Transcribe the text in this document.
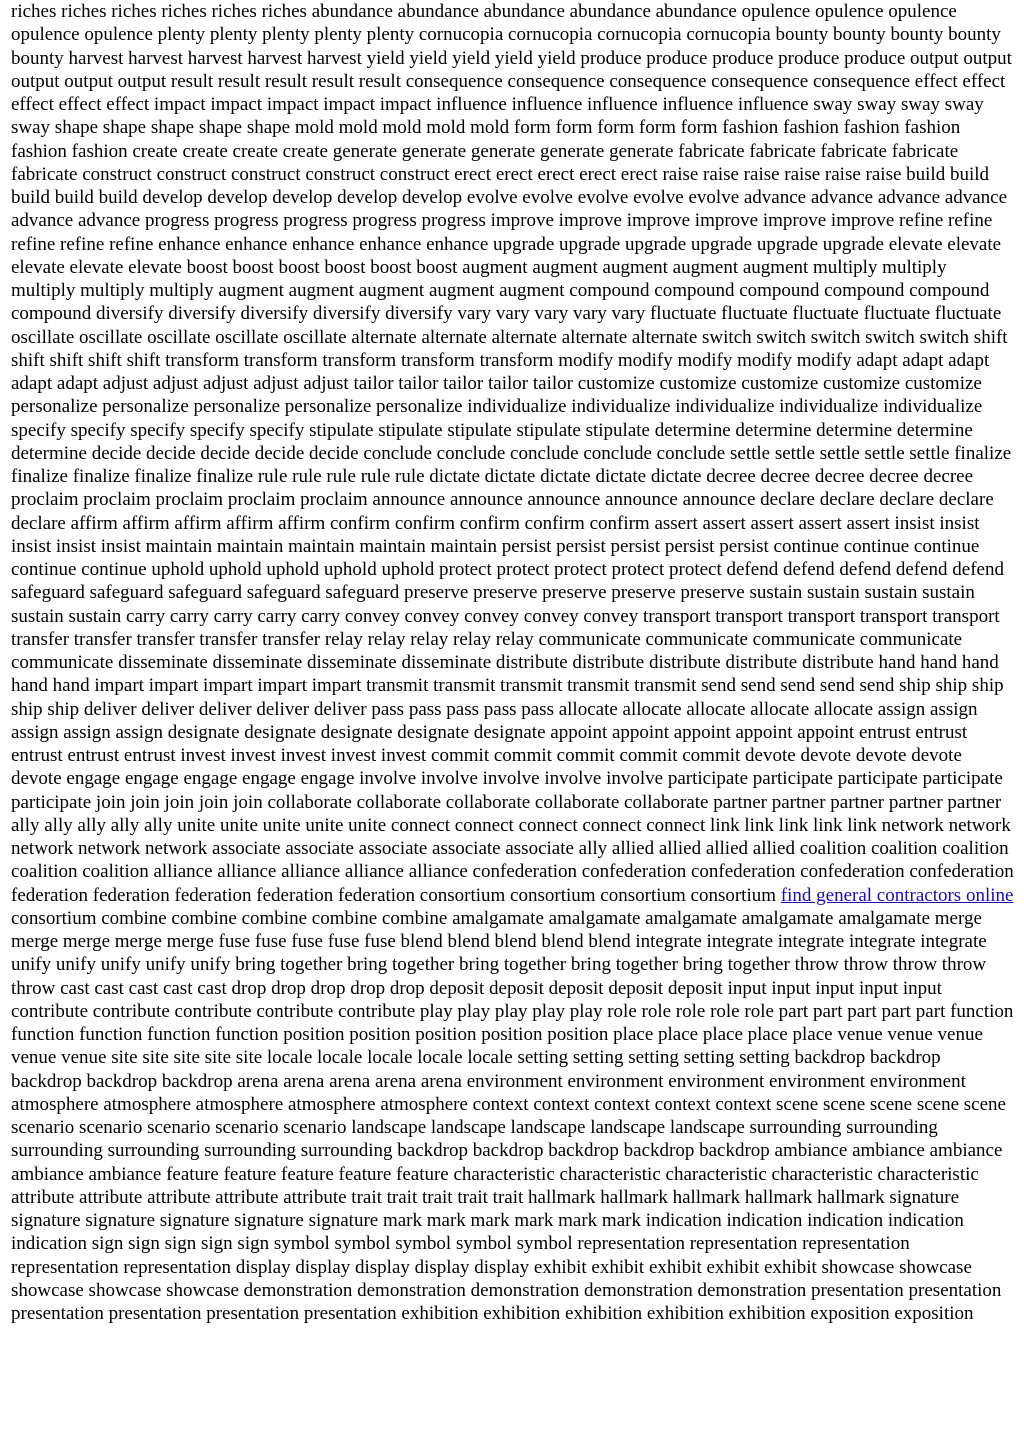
riches riches riches riches riches riches abundance abundance abundance abundance abundance opulence opulence opulence opulence opulence plenty plenty plenty plenty plenty cornucopia cornucopia cornucopia cornucopia bounty bounty bounty bounty bounty harvest harvest harvest harvest harvest yield yield yield yield yield produce produce produce produce produce output output output output output result result result result result consequence consequence consequence consequence consequence effect effect effect effect effect impact impact impact impact impact influence influence influence influence influence sway sway sway sway sway shape shape shape shape shape mold mold mold mold mold form form form form form fashion fashion fashion fashion fashion fashion create create create create generate generate generate generate generate fabricate fabricate fabricate fabricate fabricate construct construct construct construct construct erect erect erect erect erect raise raise raise raise raise raise build build build build build develop develop develop develop develop evolve evolve evolve evolve evolve advance advance advance advance advance advance progress progress progress progress progress improve improve improve improve improve improve refine refine refine refine refine enhance enhance enhance enhance enhance upgrade upgrade upgrade upgrade upgrade upgrade elevate elevate elevate elevate elevate boost boost boost boost boost boost augment augment augment augment augment multiply multiply multiply multiply multiply augment augment augment augment augment compound compound compound compound compound compound diversify diversify diversify diversify diversify vary vary vary vary vary fluctuate fluctuate fluctuate fluctuate fluctuate oscillate oscillate oscillate oscillate oscillate alternate alternate alternate alternate alternate switch switch switch switch switch shift shift shift shift shift transform transform transform transform transform modify modify modify modify modify adapt adapt adapt adapt adapt adjust adjust adjust adjust adjust tailor tailor tailor tailor tailor customize customize customize customize customize personalize personalize personalize personalize personalize individualize individualize individualize individualize individualize specify specify specify specify specify stipulate stipulate stipulate stipulate stipulate determine determine determine determine determine decide decide decide decide decide conclude conclude conclude conclude conclude settle settle settle settle settle finalize finalize finalize finalize finalize rule rule rule rule rule dictate dictate dictate dictate dictate decree decree decree decree decree proclaim proclaim proclaim proclaim proclaim announce announce announce announce announce declare declare declare declare declare affirm affirm affirm affirm affirm confirm confirm confirm confirm confirm assert assert assert assert assert insist insist insist insist insist maintain maintain maintain maintain maintain persist persist persist persist persist continue continue continue continue continue uphold uphold uphold uphold uphold protect protect protect protect protect defend defend defend defend defend safeguard safeguard safeguard safeguard safeguard preserve preserve preserve preserve preserve sustain sustain sustain sustain sustain sustain carry carry carry carry carry convey convey convey convey convey transport transport transport transport transport transfer transfer transfer transfer transfer relay relay relay relay relay communicate communicate communicate communicate communicate disseminate disseminate disseminate disseminate distribute distribute distribute distribute distribute hand hand hand hand hand impart impart impart impart impart transmit transmit transmit transmit transmit send send send send send ship ship ship ship ship deliver deliver deliver deliver deliver pass pass pass pass pass allocate allocate allocate allocate allocate assign assign assign assign assign designate designate designate designate designate appoint appoint appoint appoint appoint entrust entrust entrust entrust entrust invest invest invest invest invest commit commit commit commit commit devote devote devote devote devote engage engage engage engage engage involve involve involve involve involve participate participate participate participate participate join join join join join collaborate collaborate collaborate collaborate collaborate partner partner partner partner partner ally ally ally ally ally unite unite unite unite unite connect connect connect connect connect link link link link link network network network network network associate associate associate associate associate ally allied allied allied allied coalition coalition coalition coalition coalition alliance alliance alliance alliance alliance confederation confederation confederation confederation confederation federation federation federation federation federation consortium consortium consortium consortium find general contractors online consortium combine combine combine combine combine amalgamate amalgamate amalgamate amalgamate amalgamate merge merge merge merge merge fuse fuse fuse fuse fuse blend blend blend blend blend integrate integrate integrate integrate integrate unify unify unify unify unify bring together bring together bring together bring together bring together throw throw throw throw throw cast cast cast cast cast drop drop drop drop drop deposit deposit deposit deposit deposit input input input input input contribute contribute contribute contribute contribute play play play play play role role role role role part part part part part function function function function function position position position position position place place place place place venue venue venue venue venue site site site site site locale locale locale locale locale setting setting setting setting setting backdrop backdrop backdrop backdrop backdrop arena arena arena arena arena environment environment environment environment environment atmosphere atmosphere atmosphere atmosphere atmosphere context context context context context scene scene scene scene scene scenario scenario scenario scenario scenario landscape landscape landscape landscape landscape surrounding surrounding surrounding surrounding surrounding surrounding backdrop backdrop backdrop backdrop backdrop ambiance ambiance ambiance ambiance ambiance feature feature feature feature feature characteristic characteristic characteristic characteristic characteristic attribute attribute attribute attribute attribute trait trait trait trait trait hallmark hallmark hallmark hallmark hallmark signature signature signature signature signature signature mark mark mark mark mark mark indication indication indication indication indication sign sign sign sign sign symbol symbol symbol symbol symbol representation representation representation representation representation display display display display display exhibit exhibit exhibit exhibit exhibit showcase showcase showcase showcase showcase demonstration demonstration demonstration demonstration demonstration presentation presentation presentation presentation presentation presentation exhibition exhibition exhibition exhibition exhibition exposition exposition
